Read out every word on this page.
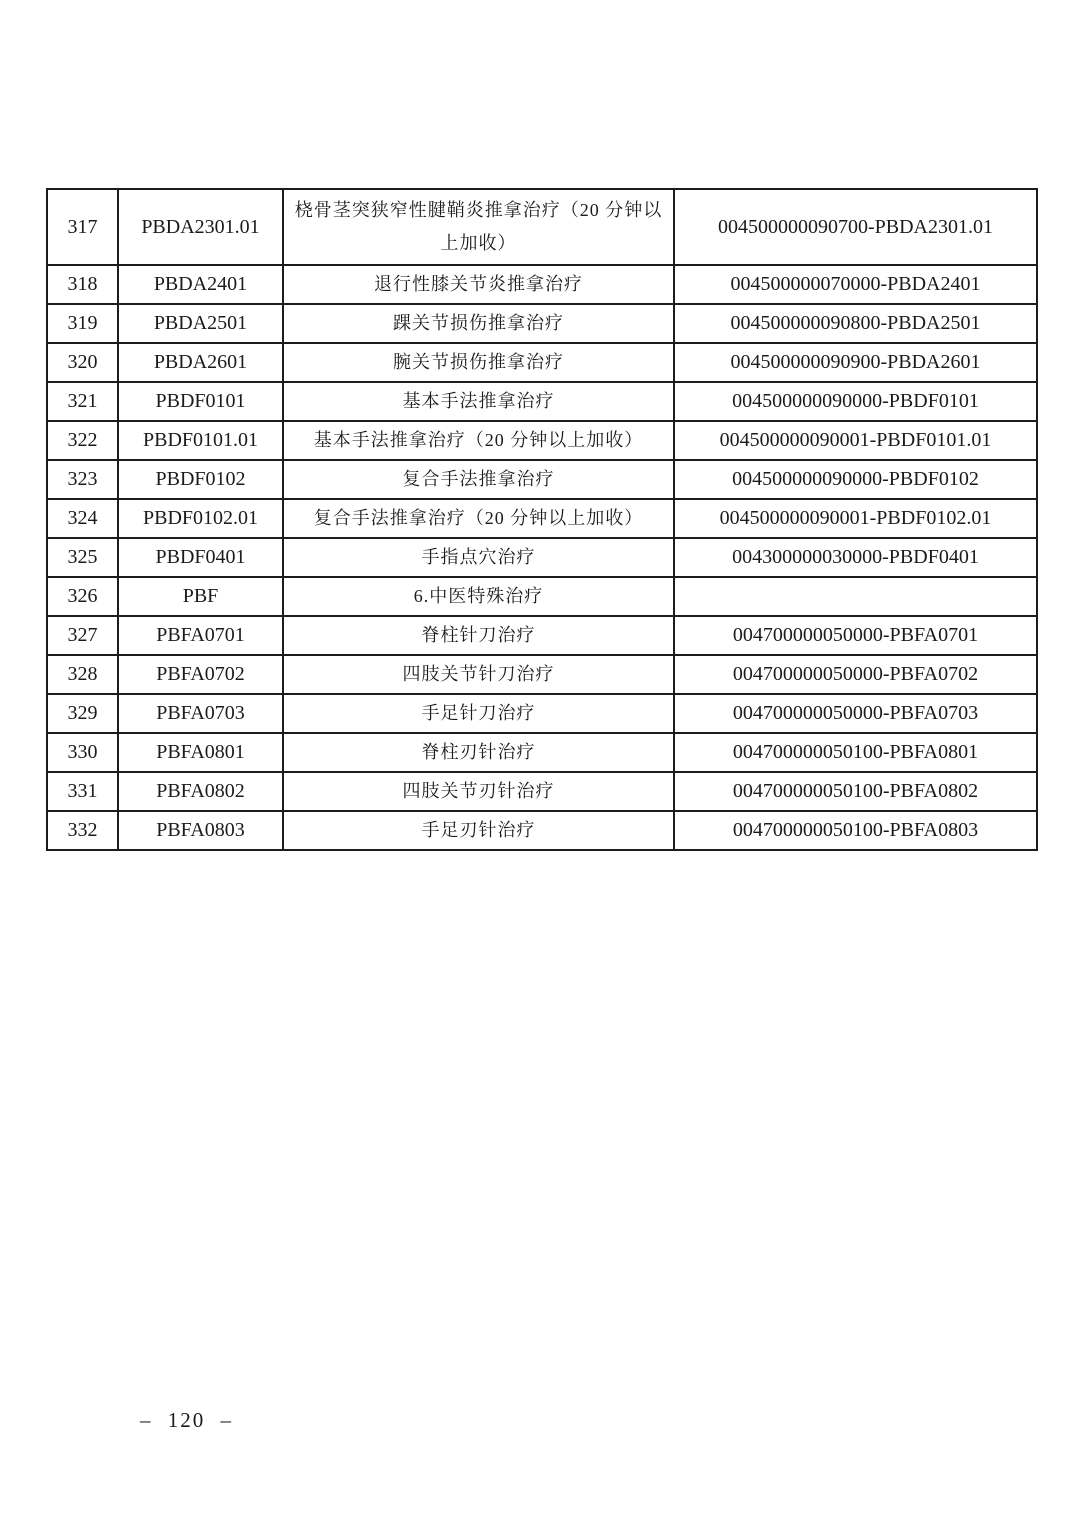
317	PBDA2301.01	桡骨茎突狭窄性腱鞘炎推拿治疗（20 分钟以上加收）	004500000090700-PBDA2301.01
318	PBDA2401	退行性膝关节炎推拿治疗	004500000070000-PBDA2401
319	PBDA2501	踝关节损伤推拿治疗	004500000090800-PBDA2501
320	PBDA2601	腕关节损伤推拿治疗	004500000090900-PBDA2601
321	PBDF0101	基本手法推拿治疗	004500000090000-PBDF0101
322	PBDF0101.01	基本手法推拿治疗（20 分钟以上加收）	004500000090001-PBDF0101.01
323	PBDF0102	复合手法推拿治疗	004500000090000-PBDF0102
324	PBDF0102.01	复合手法推拿治疗（20 分钟以上加收）	004500000090001-PBDF0102.01
325	PBDF0401	手指点穴治疗	004300000030000-PBDF0401
326	PBF	6.中医特殊治疗	
327	PBFA0701	脊柱针刀治疗	004700000050000-PBFA0701
328	PBFA0702	四肢关节针刀治疗	004700000050000-PBFA0702
329	PBFA0703	手足针刀治疗	004700000050000-PBFA0703
330	PBFA0801	脊柱刃针治疗	004700000050100-PBFA0801
331	PBFA0802	四肢关节刃针治疗	004700000050100-PBFA0802
332	PBFA0803	手足刃针治疗	004700000050100-PBFA0803
– 120 –
